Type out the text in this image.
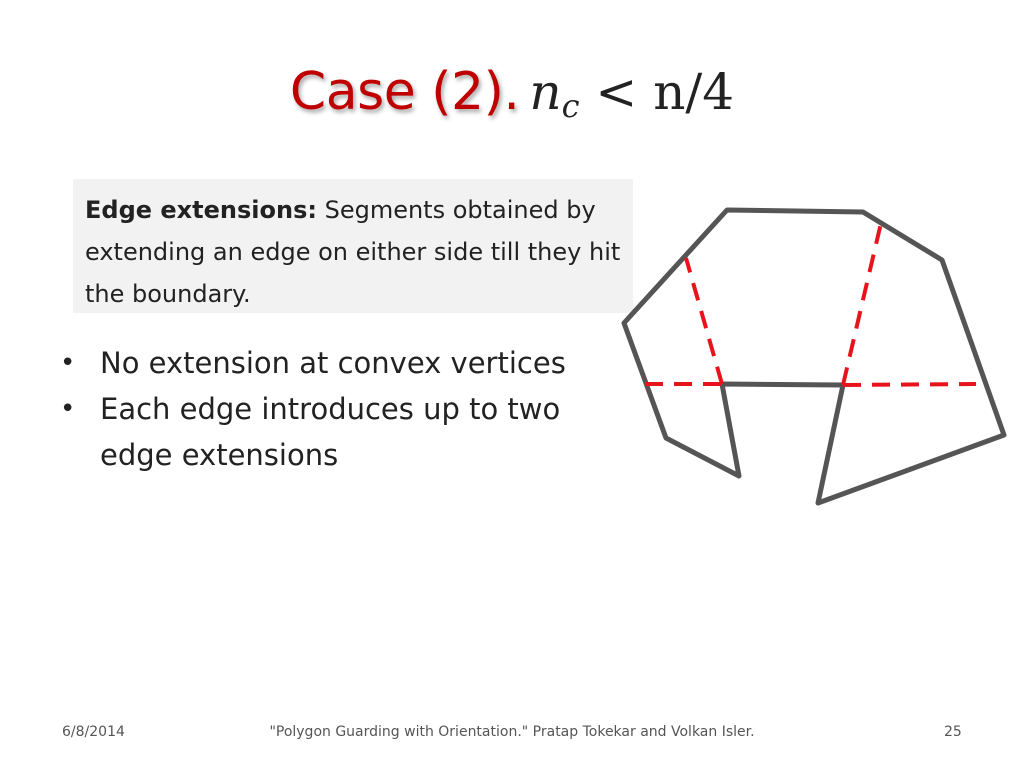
Case (2). $n_c < n/4$
Edge extensions: Segments obtained by extending an edge on either side till they hit the boundary.
• No extension at convex vertices
• Each edge introduces up to two edge extensions
6/8/2014	"Polygon Guarding with Orientation." Pratap Tokekar and Volkan Isler.	25
